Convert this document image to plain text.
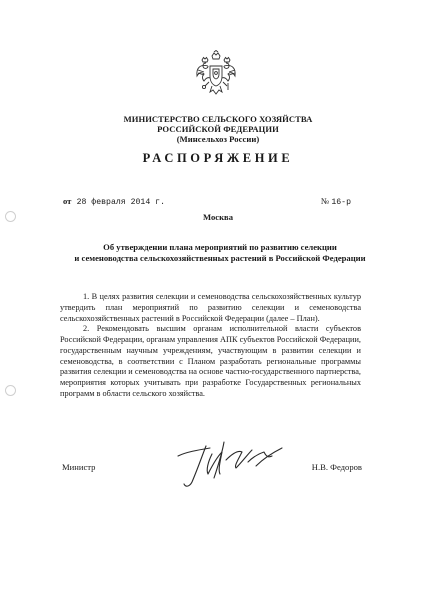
МИНИСТЕРСТВО СЕЛЬСКОГО ХОЗЯЙСТВА
РОССИЙСКОЙ ФЕДЕРАЦИИ
(Минсельхоз России)
РАСПОРЯЖЕНИЕ
от 28 февраля 2014 г.	№ 16-р
Москва
Об утверждении плана мероприятий по развитию селекции
и семеноводства сельскохозяйственных растений в Российской Федерации

1. В целях развития селекции и семеноводства сельскохозяйственных культур утвердить план мероприятий по развитию селекции и семеноводства сельскохозяйственных растений в Российской Федерации (далее – План).

2. Рекомендовать высшим органам исполнительной власти субъектов Российской Федерации, органам управления АПК субъектов Российской Федерации, государственным научным учреждениям, участвующим в развитии селекции и семеноводства, в соответствии с Планом разработать региональные программы развития селекции и семеноводства на основе частно-государственного партнерства, мероприятия которых учитывать при разработке Государственных региональных программ в области сельского хозяйства.

Министр	Н.В. Федоров
